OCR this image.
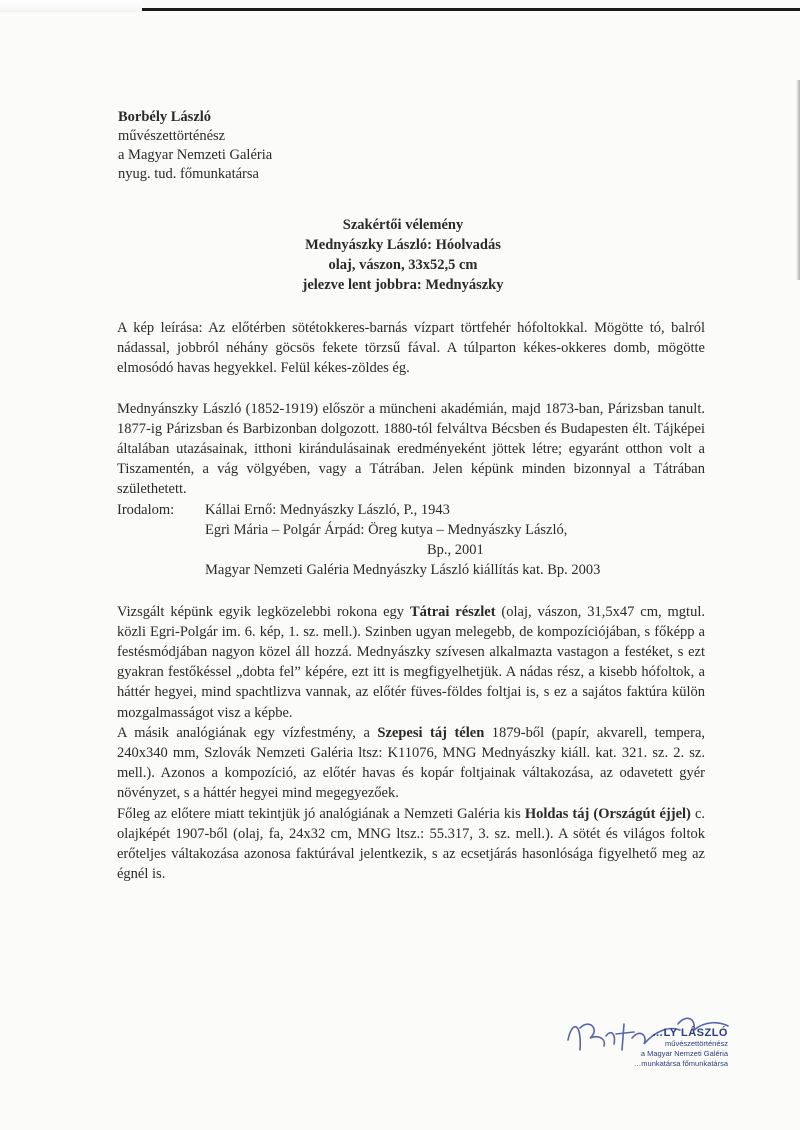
Borbély László
művészettörténész
a Magyar Nemzeti Galéria
nyug. tud. főmunkatársa
Szakértői vélemény
Mednyászky László: Hóolvadás
olaj, vászon, 33x52,5 cm
jelezve lent jobbra: Mednyászky

A kép leírása: Az előtérben sötétokkeres-barnás vízpart törtfehér hófoltokkal. Mögötte tó, balról nádassal, jobbról néhány göcsös fekete törzsű fával. A túlparton kékes-okkeres domb, mögötte elmosódó havas hegyekkel. Felül kékes-zöldes ég.

Mednyánszky László (1852-1919) először a müncheni akadémián, majd 1873-ban, Párizsban tanult. 1877-ig Párizsban és Barbizonban dolgozott. 1880-tól felváltva Bécsben és Budapesten élt. Tájképei általában utazásainak, itthoni kirándulásainak eredményeként jöttek létre; egyaránt otthon volt a Tiszamentén, a vág völgyében, vagy a Tátrában. Jelen képünk minden bizonnyal a Tátrában születhetett.

Irodalom: Kállai Ernő: Mednyászky László, P., 1943
Egri Mária – Polgár Árpád: Öreg kutya – Mednyászky László,
Bp., 2001
Magyar Nemzeti Galéria Mednyászky László kiállítás kat. Bp. 2003

Vizsgált képünk egyik legközelebbi rokona egy Tátrai részlet (olaj, vászon, 31,5x47 cm, mgtul. közli Egri-Polgár im. 6. kép, 1. sz. mell.). Szinben ugyan melegebb, de kompozíciójában, s főképp a festésmódjában nagyon közel áll hozzá. Mednyászky szívesen alkalmazta vastagon a festéket, s ezt gyakran festőkéssel „dobta fel” képére, ezt itt is megfigyelhetjük. A nádas rész, a kisebb hófoltok, a háttér hegyei, mind spachtlizva vannak, az előtér füves-földes foltjai is, s ez a sajátos faktúra külön mozgalmasságot visz a képbe.

A másik analógiának egy vízfestmény, a Szepesi táj télen 1879-ből (papír, akvarell, tempera, 240x340 mm, Szlovák Nemzeti Galéria ltsz: K11076, MNG Mednyászky kiáll. kat. 321. sz. 2. sz. mell.). Azonos a kompozíció, az előtér havas és kopár foltjainak váltakozása, az odavetett gyér növényzet, s a háttér hegyei mind megegyezőek.

Főleg az előtere miatt tekintjük jó analógiának a Nemzeti Galéria kis Holdas táj (Országút éjjel) c. olajképét 1907-ből (olaj, fa, 24x32 cm, MNG ltsz.: 55.317, 3. sz. mell.). A sötét és világos foltok erőteljes váltakozása azonosa faktúrával jelentkezik, s az ecsetjárás hasonlósága figyelhető meg az égnél is.

…LY LÁSZLÓ
művészettörténész
a Magyar Nemzeti Galéria
…munkatársa főmunkatársa
